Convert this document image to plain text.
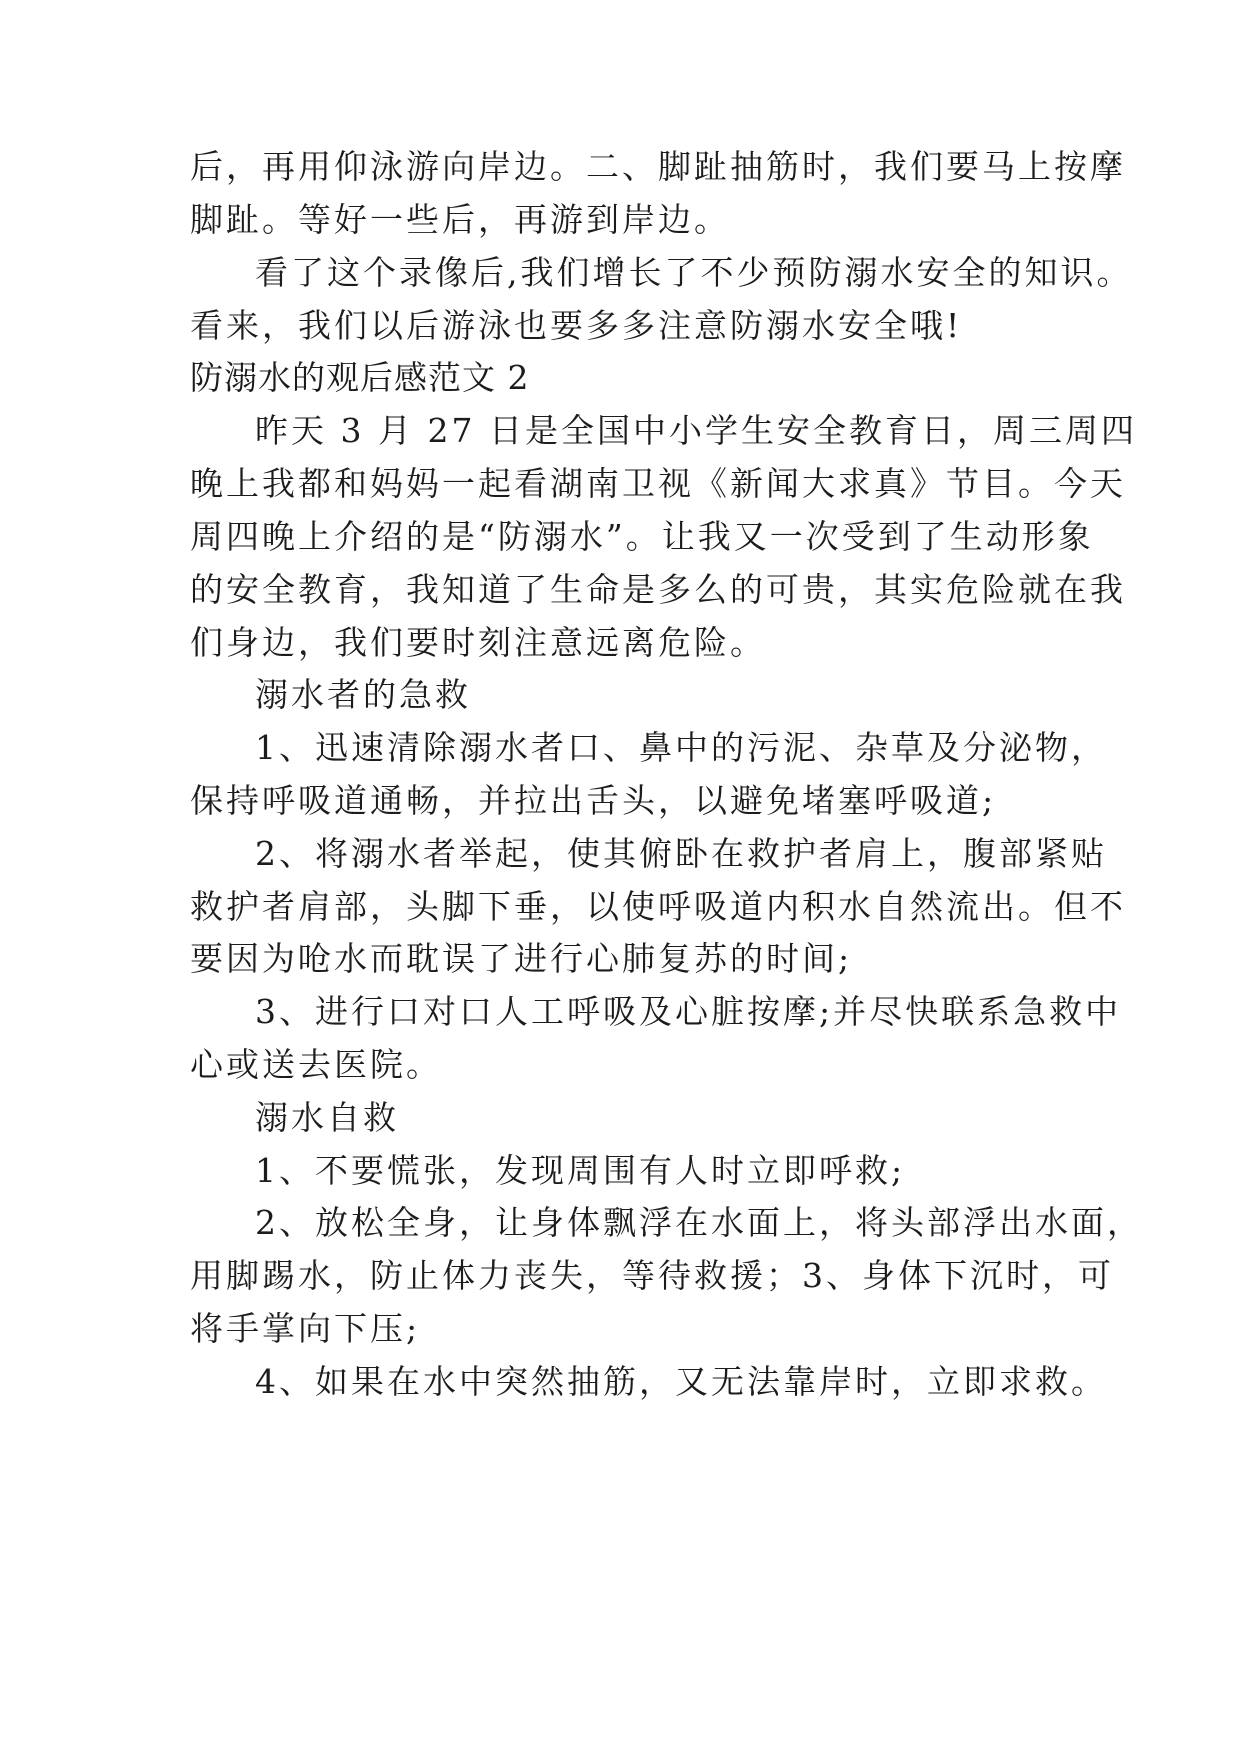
后，再用仰泳游向岸边。二、脚趾抽筋时，我们要马上按摩

脚趾。等好一些后，再游到岸边。

看了这个录像后,我们增长了不少预防溺水安全的知识。

看来，我们以后游泳也要多多注意防溺水安全哦!

防溺水的观后感范文 2

昨天 3 月 27 日是全国中小学生安全教育日，周三周四

晚上我都和妈妈一起看湖南卫视《新闻大求真》节目。今天

周四晚上介绍的是“防溺水”。让我又一次受到了生动形象

的安全教育，我知道了生命是多么的可贵，其实危险就在我

们身边，我们要时刻注意远离危险。

溺水者的急救

1、迅速清除溺水者口、鼻中的污泥、杂草及分泌物，

保持呼吸道通畅，并拉出舌头，以避免堵塞呼吸道;

2、将溺水者举起，使其俯卧在救护者肩上，腹部紧贴

救护者肩部，头脚下垂，以使呼吸道内积水自然流出。但不

要因为呛水而耽误了进行心肺复苏的时间;

3、进行口对口人工呼吸及心脏按摩;并尽快联系急救中

心或送去医院。

溺水自救

1、不要慌张，发现周围有人时立即呼救;

2、放松全身，让身体飘浮在水面上，将头部浮出水面，

用脚踢水，防止体力丧失，等待救援；3、身体下沉时，可

将手掌向下压;

4、如果在水中突然抽筋，又无法靠岸时，立即求救。
